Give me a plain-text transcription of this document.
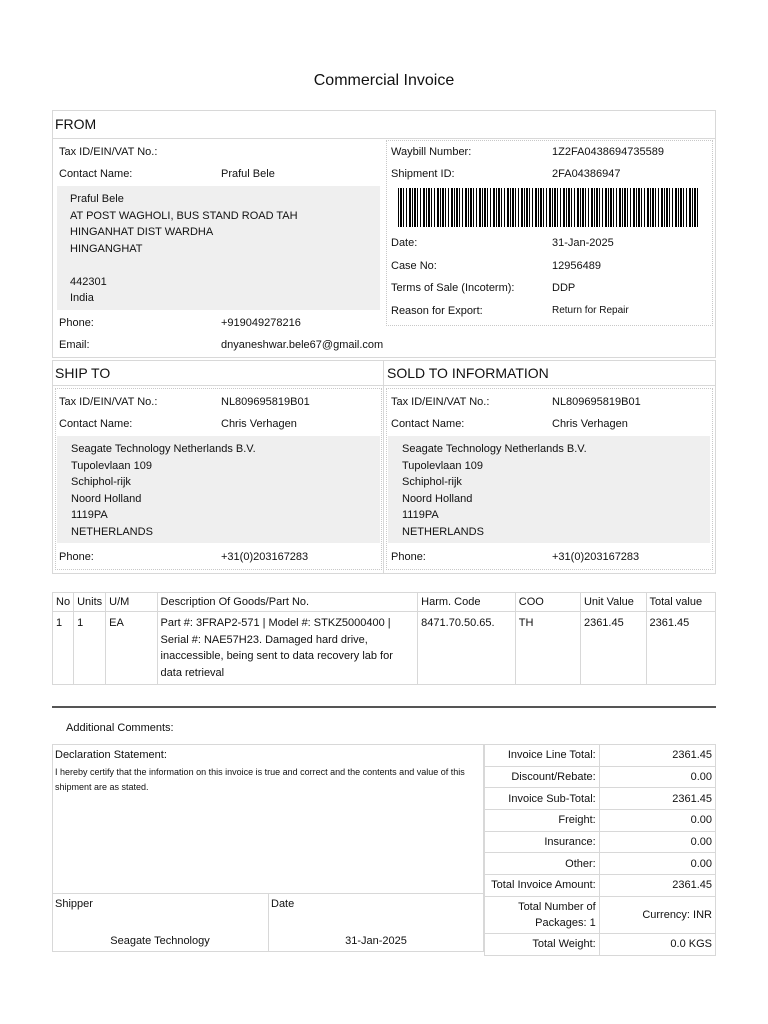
Commercial Invoice
FROM
Tax ID/EIN/VAT No.:
Contact Name:	Praful Bele
Praful Bele
AT POST WAGHOLI, BUS STAND ROAD TAH
HINGANHAT DIST WARDHA
HINGANGHAT
442301
India
Phone:	+919049278216
Email:	dnyaneshwar.bele67@gmail.com
Waybill Number:	1Z2FA0438694735589
Shipment ID:	2FA04386947
Date:	31-Jan-2025
Case No:	12956489
Terms of Sale (Incoterm):	DDP
Reason for Export:	Return for Repair
SHIP TO	SOLD TO INFORMATION
Tax ID/EIN/VAT No.:	NL809695819B01
Contact Name:	Chris Verhagen
Seagate Technology Netherlands B.V.
Tupolevlaan 109
Schiphol-rijk
Noord Holland
1119PA
NETHERLANDS
Phone:	+31(0)203167283
Tax ID/EIN/VAT No.:	NL809695819B01
Contact Name:	Chris Verhagen
Seagate Technology Netherlands B.V.
Tupolevlaan 109
Schiphol-rijk
Noord Holland
1119PA
NETHERLANDS
Phone:	+31(0)203167283
No	Units	U/M	Description Of Goods/Part No.	Harm. Code	COO	Unit Value	Total value
1	1	EA	Part #: 3FRAP2-571 | Model #: STKZ5000400 | Serial #: NAE57H23. Damaged hard drive, inaccessible, being sent to data recovery lab for data retrieval	8471.70.50.65.	TH	2361.45	2361.45
Additional Comments:
Declaration Statement:
I hereby certify that the information on this invoice is true and correct and the contents and value of this shipment are as stated.
Shipper	Date
Seagate Technology	31-Jan-2025
Invoice Line Total:	2361.45
Discount/Rebate:	0.00
Invoice Sub-Total:	2361.45
Freight:	0.00
Insurance:	0.00
Other:	0.00
Total Invoice Amount:	2361.45
Total Number of Packages: 1	Currency: INR
Total Weight:	0.0 KGS
